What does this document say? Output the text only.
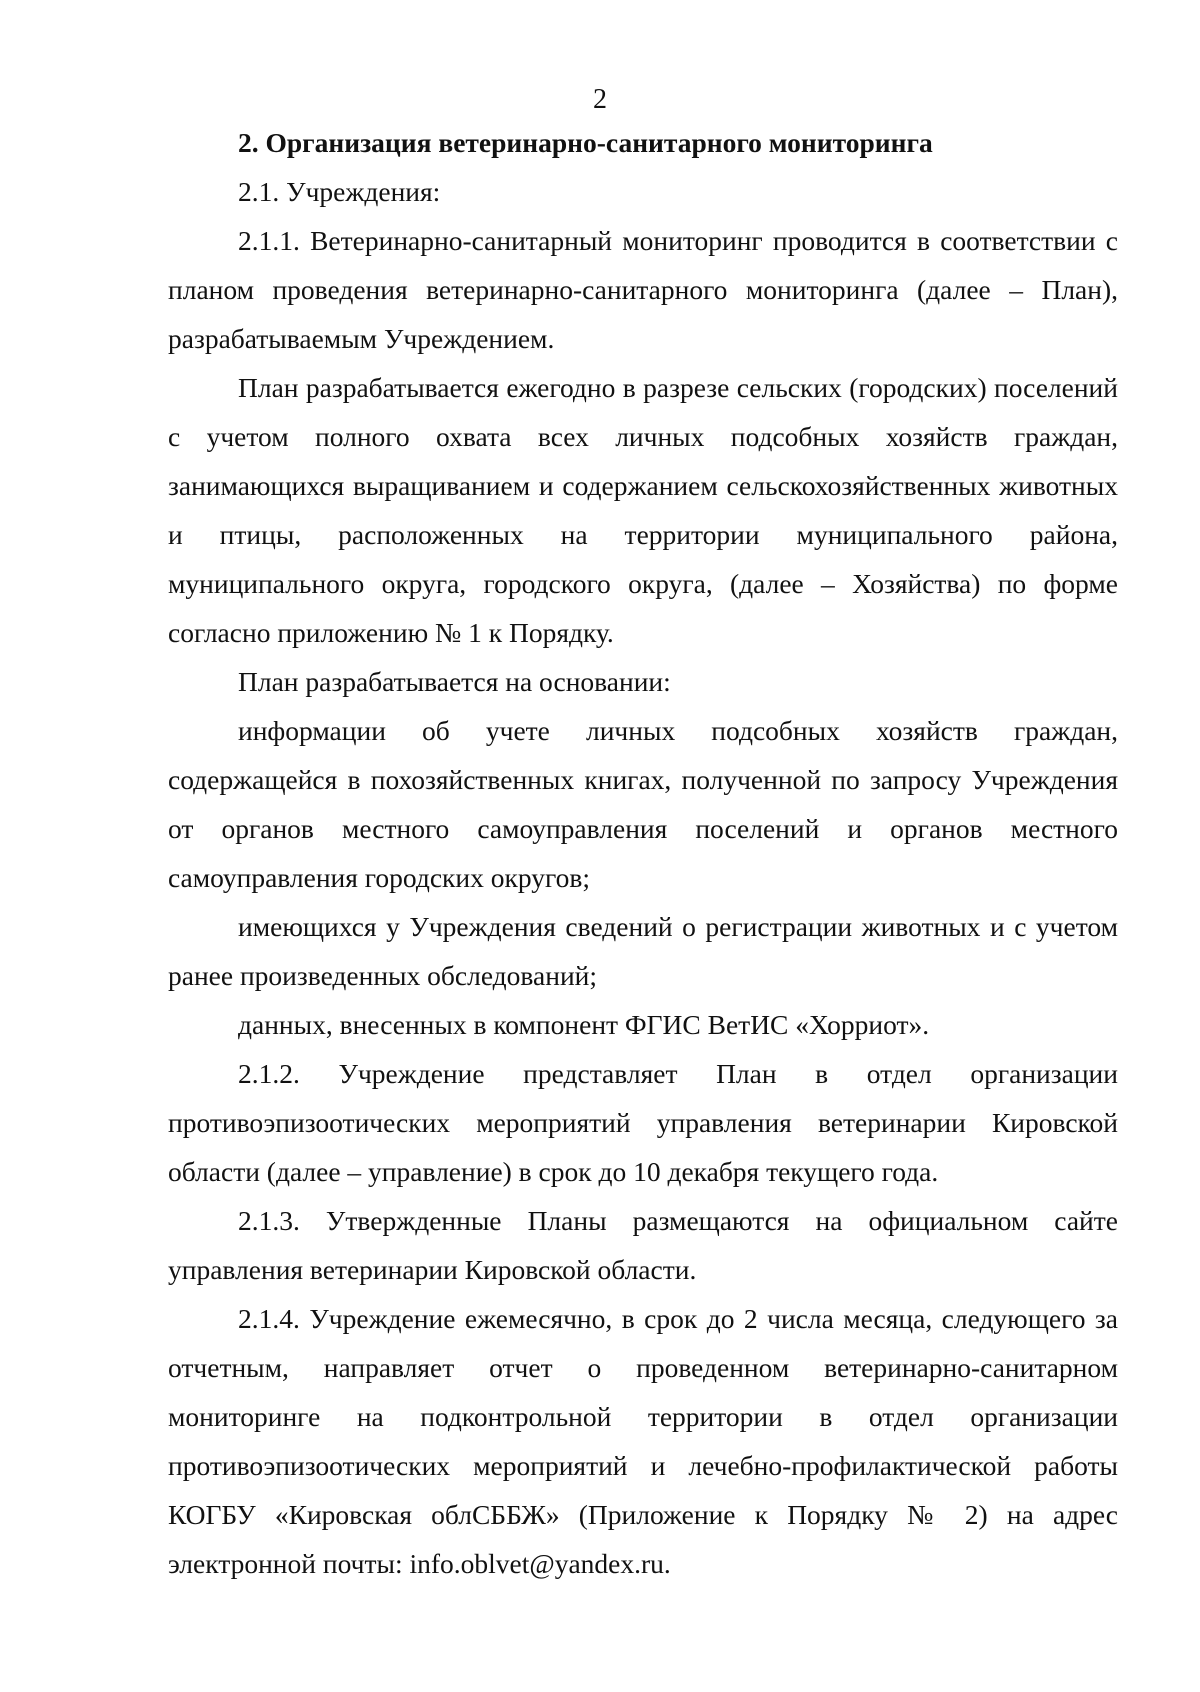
2

2. Организация ветеринарно-санитарного мониторинга

2.1. Учреждения:

2.1.1. Ветеринарно-санитарный мониторинг проводится в соответствии с планом проведения ветеринарно-санитарного мониторинга (далее – План), разрабатываемым Учреждением.

План разрабатывается ежегодно в разрезе сельских (городских) поселений с учетом полного охвата всех личных подсобных хозяйств граждан, занимающихся выращиванием и содержанием сельскохозяйственных животных и птицы, расположенных на территории муниципального района, муниципального округа, городского округа, (далее – Хозяйства) по форме согласно приложению № 1 к Порядку.

План разрабатывается на основании:

информации об учете личных подсобных хозяйств граждан, содержащейся в похозяйственных книгах, полученной по запросу Учреждения от органов местного самоуправления поселений и органов местного самоуправления городских округов;

имеющихся у Учреждения сведений о регистрации животных и с учетом ранее произведенных обследований;

данных, внесенных в компонент ФГИС ВетИС «Хорриот».

2.1.2. Учреждение представляет План в отдел организации противоэпизоотических мероприятий управления ветеринарии Кировской области (далее – управление) в срок до 10 декабря текущего года.

2.1.3. Утвержденные Планы размещаются на официальном сайте управления ветеринарии Кировской области.

2.1.4. Учреждение ежемесячно, в срок до 2 числа месяца, следующего за отчетным, направляет отчет о проведенном ветеринарно-санитарном мониторинге на подконтрольной территории в отдел организации противоэпизоотических мероприятий и лечебно-профилактической работы КОГБУ «Кировская облСББЖ» (Приложение к Порядку № 2) на адрес электронной почты: info.oblvet@yandex.ru.
